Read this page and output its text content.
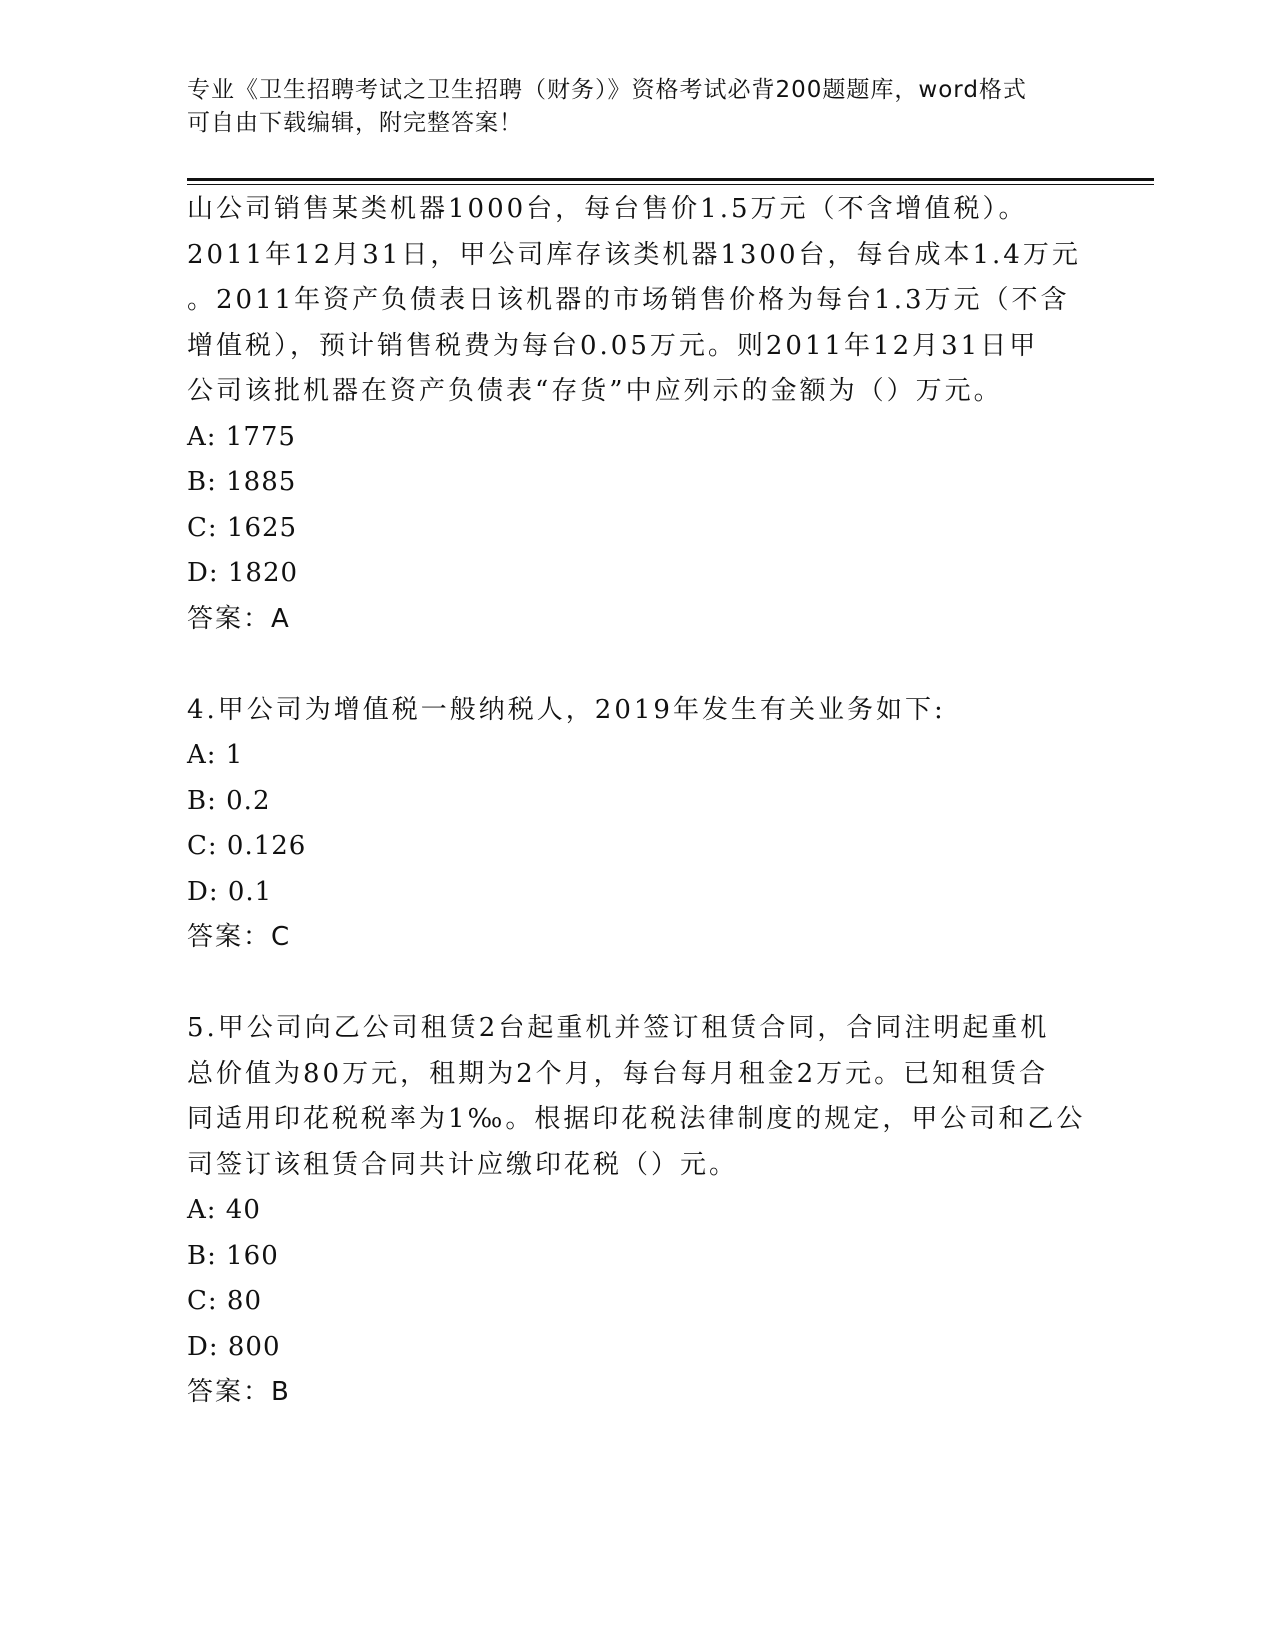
专业《卫生招聘考试之卫生招聘（财务）》资格考试必背200题题库，word格式
可自由下载编辑，附完整答案！

山公司销售某类机器1000台，每台售价1.5万元（不含增值税）。

2011年12月31日，甲公司库存该类机器1300台，每台成本1.4万元

。2011年资产负债表日该机器的市场销售价格为每台1.3万元（不含

增值税），预计销售税费为每台0.05万元。则2011年12月31日甲

公司该批机器在资产负债表“存货”中应列示的金额为（）万元。

A: 1775

B: 1885

C: 1625

D: 1820

答案：A

4.甲公司为增值税一般纳税人，2019年发生有关业务如下:

A: 1

B: 0.2

C: 0.126

D: 0.1

答案：C

5.甲公司向乙公司租赁2台起重机并签订租赁合同，合同注明起重机

总价值为80万元，租期为2个月，每台每月租金2万元。已知租赁合

同适用印花税税率为1‰。根据印花税法律制度的规定，甲公司和乙公

司签订该租赁合同共计应缴印花税（）元。

A: 40

B: 160

C: 80

D: 800

答案：B
